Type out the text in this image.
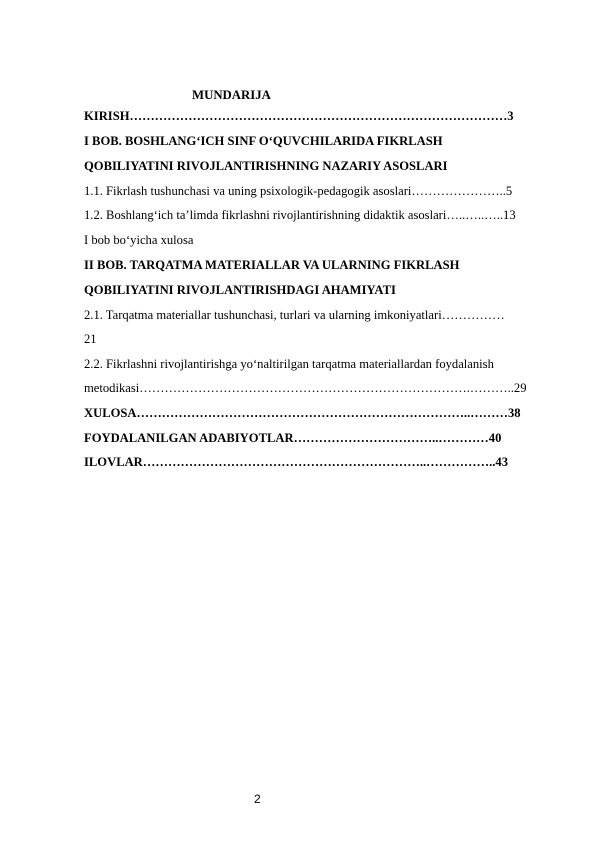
MUNDARIJA
KIRISH………………………………………………………………………………3
I BOB. BOSHLANG‘ICH SINF O‘QUVCHILARIDA FIKRLASH
QOBILIYATINI RIVOJLANTIRISHNING NAZARIY ASOSLARI
1.1. Fikrlash tushunchasi va uning psixologik-pedagogik asoslari…………………..5
1.2. Boshlang‘ich ta’limda fikrlashni rivojlantirishning didaktik asoslari…..…..…..13
I bob bo‘yicha xulosa
II BOB. TARQATMA MATERIALLAR VA ULARNING FIKRLASH
QOBILIYATINI RIVOJLANTIRISHDAGI AHAMIYATI
2.1. Tarqatma materiallar tushunchasi, turlari va ularning imkoniyatlari……………
21
2.2. Fikrlashni rivojlantirishga yo‘naltirilgan tarqatma materiallardan foydalanish
metodikasi…………………………………………………………………….………..29
XULOSA……………………………………………………………………..………38
FOYDALANILGAN ADABIYOTLAR……………………………..…………40
ILOVLAR…………………………………………………………..……………..43
2
